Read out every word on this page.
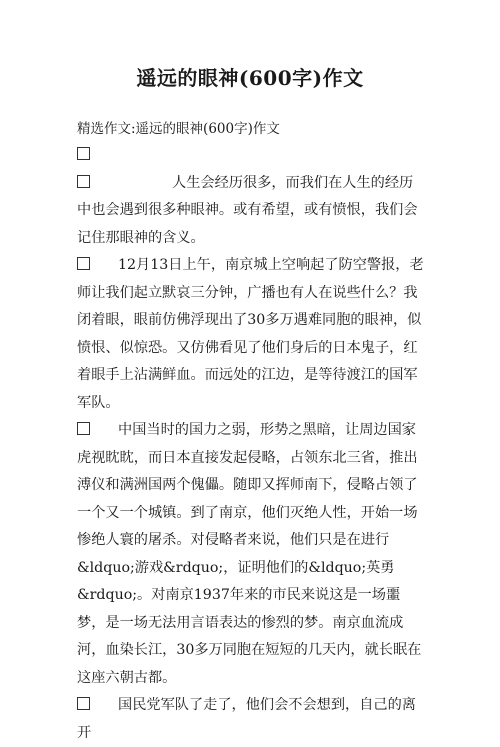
遥远的眼神(600字)作文
精选作文:遥远的眼神(600字)作文

人生会经历很多，而我们在人生的经历中也会遇到很多种眼神。或有希望，或有愤恨，我们会记住那眼神的含义。

12月13日上午，南京城上空响起了防空警报，老师让我们起立默哀三分钟，广播也有人在说些什么？我闭着眼，眼前仿佛浮现出了30多万遇难同胞的眼神，似愤恨、似惊恐。又仿佛看见了他们身后的日本鬼子，红着眼手上沾满鲜血。而远处的江边，是等待渡江的国军军队。

中国当时的国力之弱，形势之黑暗，让周边国家虎视眈眈，而日本直接发起侵略，占领东北三省，推出溥仪和满洲国两个傀儡。随即又挥师南下，侵略占领了一个又一个城镇。到了南京，他们灭绝人性，开始一场惨绝人寰的屠杀。对侵略者来说，他们只是在进行&ldquo;游戏&rdquo;，证明他们的&ldquo;英勇&rdquo;。对南京1937年来的市民来说这是一场噩梦，是一场无法用言语表达的惨烈的梦。南京血流成河，血染长江，30多万同胞在短短的几天内，就长眠在这座六朝古都。

国民党军队了走了，他们会不会想到，自己的离开
